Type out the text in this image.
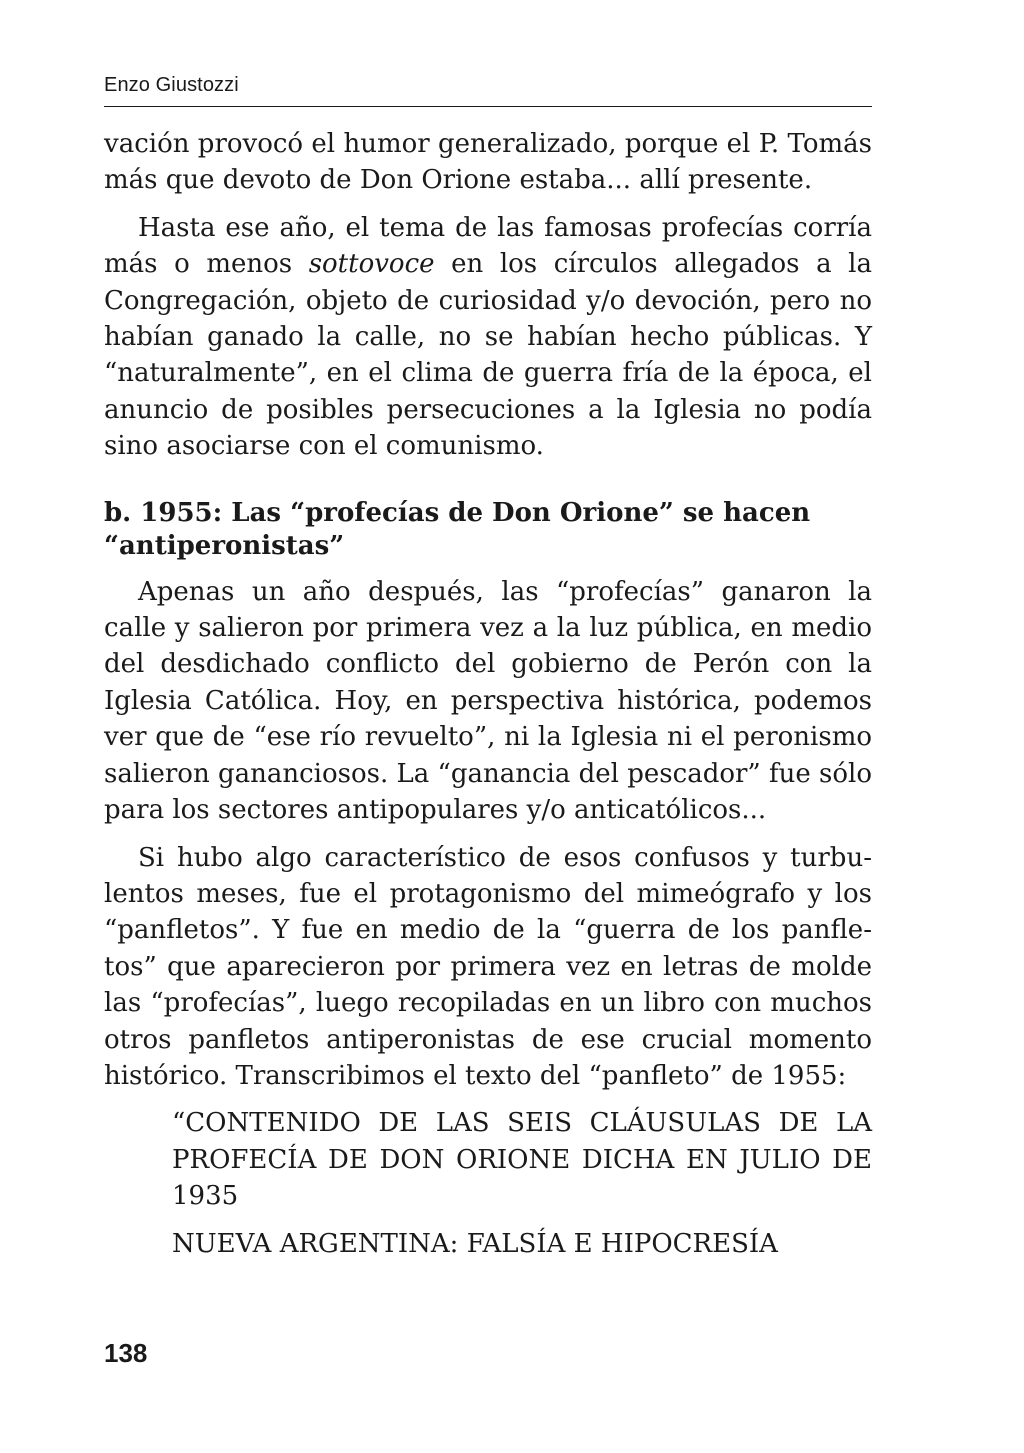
Enzo Giustozzi

vación provocó el humor generalizado, porque el P. Tomás más que devoto de Don Orione estaba... allí presente.

Hasta ese año, el tema de las famosas profecías corría más o menos sottovoce en los círculos allegados a la Congregación, objeto de curiosidad y/o devoción, pero no habían ganado la calle, no se habían hecho públicas. Y “naturalmente”, en el clima de guerra fría de la época, el anuncio de posibles persecuciones a la Iglesia no podía sino asociarse con el comunismo.

b. 1955: Las “profecías de Don Orione” se hacen “antiperonistas”

Apenas un año después, las “profecías” ganaron la calle y salieron por primera vez a la luz pública, en medio del desdichado conflicto del gobierno de Perón con la Iglesia Católica. Hoy, en perspectiva histórica, podemos ver que de “ese río revuelto”, ni la Iglesia ni el peronismo salieron gananciosos. La “ganancia del pescador” fue sólo para los sectores antipopulares y/o anticatólicos...

Si hubo algo característico de esos confusos y turbulentos meses, fue el protagonismo del mimeógrafo y los “panfletos”. Y fue en medio de la “guerra de los panfletos” que aparecieron por primera vez en letras de molde las “profecías”, luego recopiladas en un libro con muchos otros panfletos antiperonistas de ese crucial momento histórico. Transcribimos el texto del “panfleto” de 1955:

“CONTENIDO DE LAS SEIS CLÁUSULAS DE LA PROFECÍA DE DON ORIONE DICHA EN JULIO DE 1935

NUEVA ARGENTINA: FALSÍA E HIPOCRESÍA

138
